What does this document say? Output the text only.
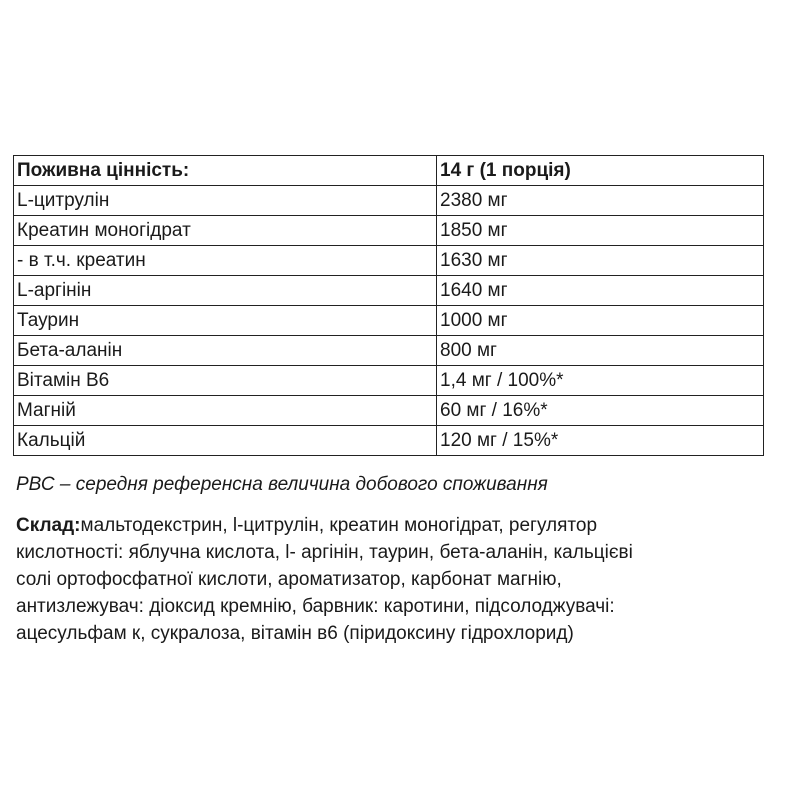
Поживна цінність:	14 г (1 порція)
L-цитрулін	2380 мг
Креатин моногідрат	1850 мг
- в т.ч. креатин	1630 мг
L-аргінін	1640 мг
Таурин	1000 мг
Бета-аланін	800 мг
Вітамін В6	1,4 мг / 100%*
Магній	60 мг / 16%*
Кальцій	120 мг / 15%*
РВС – середня референсна величина добового споживання
Склад:мальтодекстрин, l-цитрулін, креатин моногідрат, регулятор
кислотності: яблучна кислота, l- аргінін, таурин, бета-аланін, кальцієві
солі ортофосфатної кислоти, ароматизатор, карбонат магнію,
антизлежувач: діоксид кремнію, барвник: каротини, підсолоджувачі:
ацесульфам к, сукралоза, вітамін в6 (піридоксину гідрохлорид)
